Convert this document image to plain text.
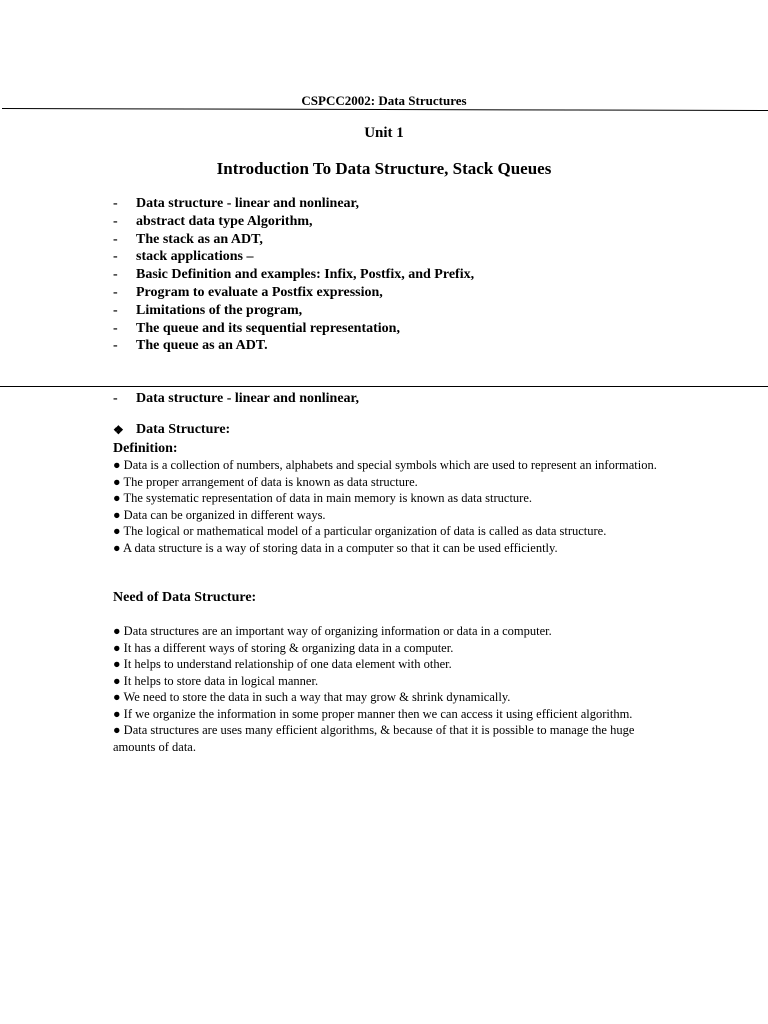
CSPCC2002: Data Structures
Unit 1
Introduction To Data Structure, Stack Queues
-	Data structure - linear and nonlinear,
-	abstract data type Algorithm,
-	The stack as an ADT,
-	stack applications –
-	Basic Definition and examples: Infix, Postfix, and Prefix,
-	Program to evaluate a Postfix expression,
-	Limitations of the program,
-	The queue and its sequential representation,
-	The queue as an ADT.
-	Data structure - linear and nonlinear,
❖ Data Structure:
Definition:
● Data is a collection of numbers, alphabets and special symbols which are used to represent an information.
● The proper arrangement of data is known as data structure.
● The systematic representation of data in main memory is known as data structure.
● Data can be organized in different ways.
● The logical or mathematical model of a particular organization of data is called as data structure.
● A data structure is a way of storing data in a computer so that it can be used efficiently.
Need of Data Structure:
● Data structures are an important way of organizing information or data in a computer.
● It has a different ways of storing & organizing data in a computer.
● It helps to understand relationship of one data element with other.
● It helps to store data in logical manner.
● We need to store the data in such a way that may grow & shrink dynamically.
● If we organize the information in some proper manner then we can access it using efficient algorithm.
● Data structures are uses many efficient algorithms, & because of that it is possible to manage the huge amounts of data.
